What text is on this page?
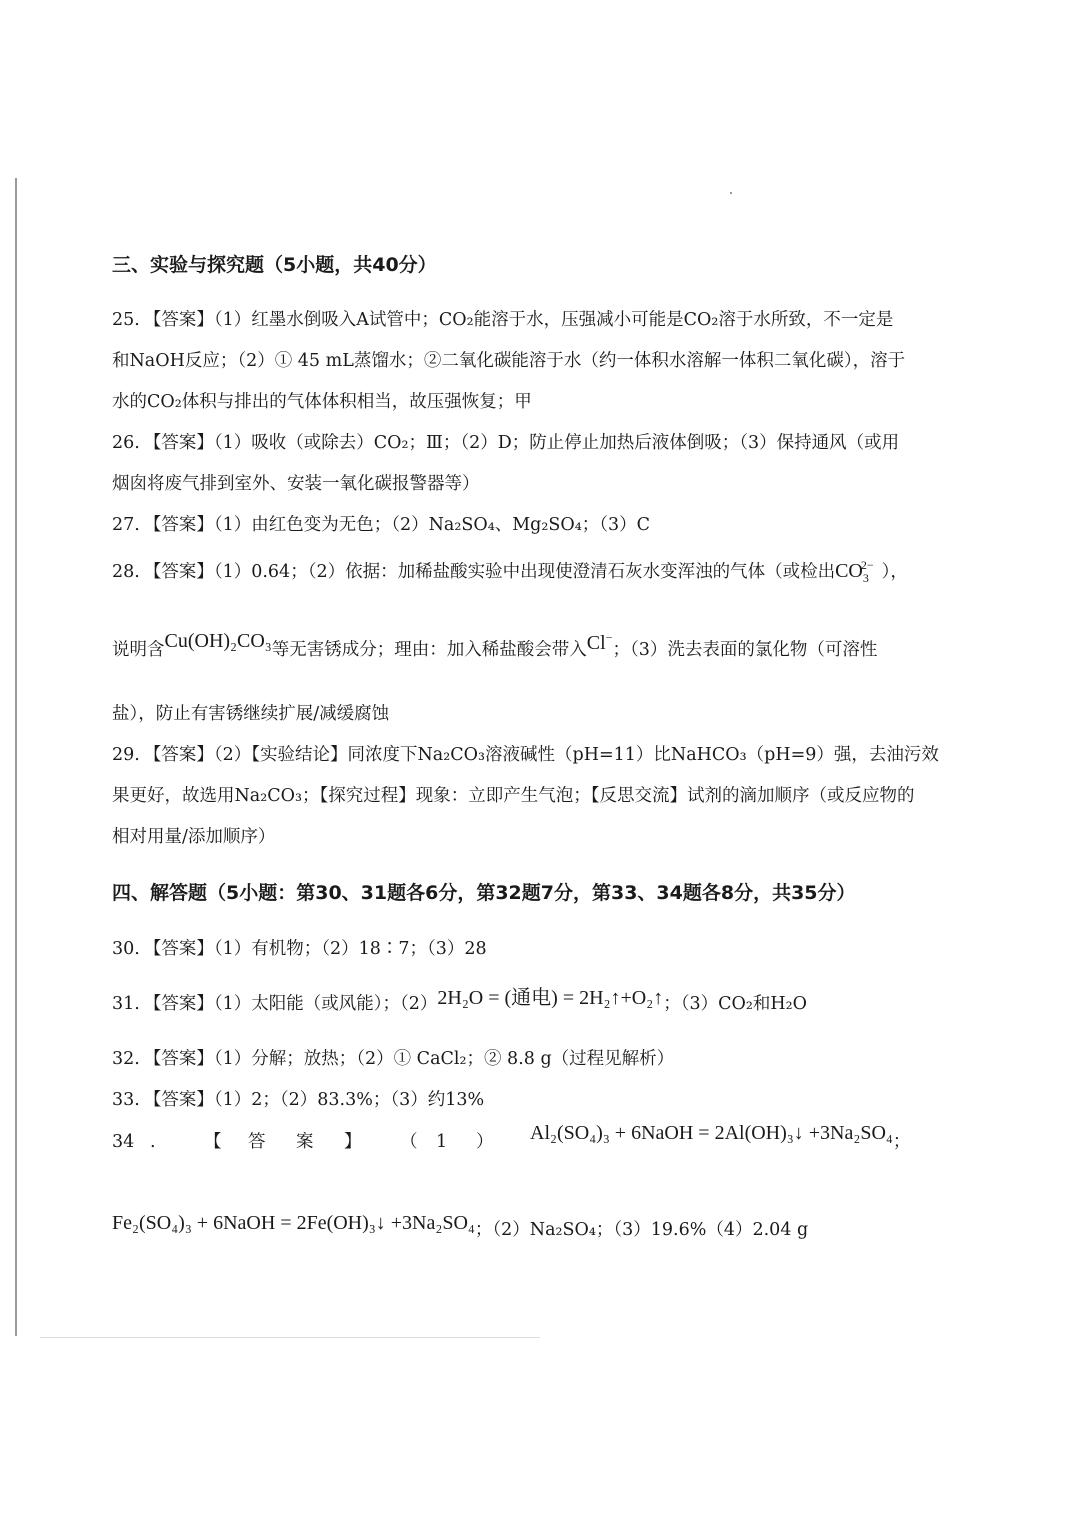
三、实验与探究题（5小题，共40分）
25. 【答案】（1）红墨水倒吸入A试管中；CO₂能溶于水，压强减小可能是CO₂溶于水所致，不一定是
和NaOH反应；（2）① 45 mL蒸馏水；②二氧化碳能溶于水（约一体积水溶解一体积二氧化碳），溶于
水的CO₂体积与排出的气体体积相当，故压强恢复；甲
26. 【答案】（1）吸收（或除去）CO₂；Ⅲ；（2）D；防止停止加热后液体倒吸；（3）保持通风（或用
烟囱将废气排到室外、安装一氧化碳报警器等）
27. 【答案】（1）由红色变为无色；（2）Na₂SO₄、Mg₂SO₄；（3）C
28. 【答案】（1）0.64；（2）依据：加稀盐酸实验中出现使澄清石灰水变浑浊的气体（或检出$CO_3^{2-}$ ），
说明含Cu(OH)₂CO₃等无害锈成分；理由：加入稀盐酸会带入Cl−；（3）洗去表面的氯化物（可溶性
盐），防止有害锈继续扩展/减缓腐蚀
29. 【答案】（2）【实验结论】同浓度下Na₂CO₃溶液碱性（pH=11）比NaHCO₃（pH=9）强，去油污效
果更好，故选用Na₂CO₃；【探究过程】现象：立即产生气泡；【反思交流】试剂的滴加顺序（或反应物的
相对用量/添加顺序）
四、解答题（5小题：第30、31题各6分，第32题7分，第33、34题各8分，共35分）
30. 【答案】（1）有机物；（2）18∶7；（3）28
31. 【答案】（1）太阳能（或风能）；（2）2H₂O = (通电) = 2H₂↑+O₂↑；（3）CO₂和H₂O
32. 【答案】（1）分解；放热；（2）① CaCl₂；② 8.8 g（过程见解析）
33. 【答案】（1）2；（2）83.3%；（3）约13%
34 .	【 答 案 】 （ 1 ） Al₂(SO₄)₃ + 6NaOH = 2Al(OH)₃↓ +3Na₂SO₄；
Fe₂(SO₄)₃ + 6NaOH = 2Fe(OH)₃↓ +3Na₂SO₄；（2）Na₂SO₄；（3）19.6%（4）2.04 g
